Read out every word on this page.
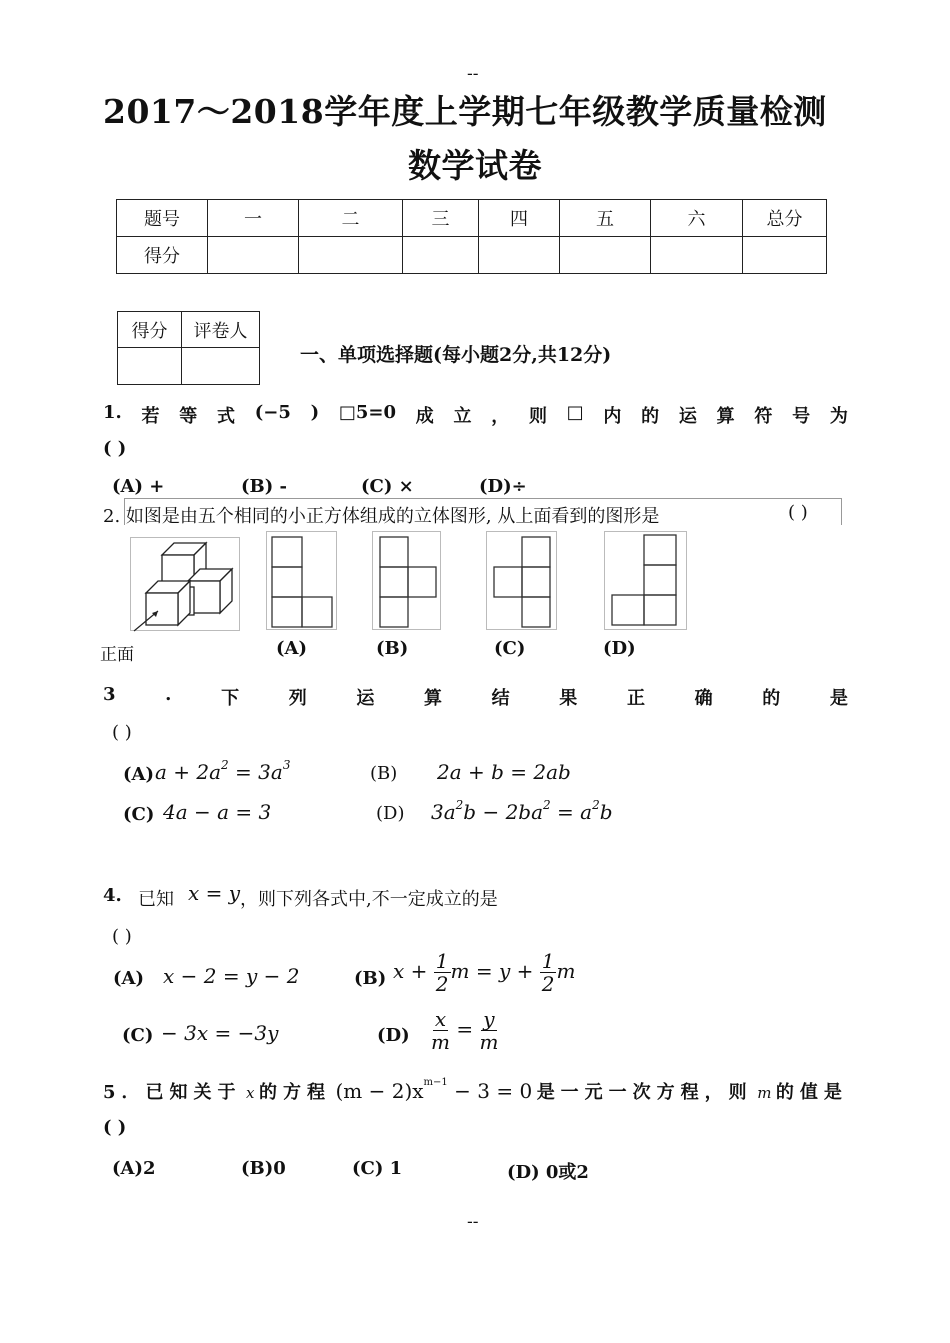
--
--
2017～2018学年度上学期七年级教学质量检测
数学试卷
题号	一	二	三	四	五	六	总分
得分							
得分	评卷人

一、单项选择题(每小题2分,共12分)
1. 若 等 式 (−5 ) □5=0 成 立 ， 则 □ 内 的 运 算 符 号 为
( )
(A) +	(B) -	(C) ×	(D)÷
2. 如图是由五个相同的小正方体组成的立体图形, 从上面看到的图形是	( )
正面	(A)	(B)	(C)	(D)
3	.	下	列	运	算	结	果	正	确	的	是
( )
(A) $a + 2a^2 = 3a^3$	(B) 2a + b = 2ab
(C) 4a − a = 3	(D) $3a^2b - 2ba^2 = a^2b$
4. 已知 x = y ，则下列各式中,不一定成立的是
( )
(A) x − 2 = y − 2	(B) $x + \frac{1}{2}$ $m = y + \frac{1}{2}$ m
(C) − 3x = −3y	$(D) \frac{x}{m} = \frac{y}{m}$
5．已知关于 x 的方程 $(m - 2)x^{m-1} - 3 = 0$ 是一元一次方程，则 m 的值是
( )
(A)2	(B)0	(C) 1	(D) 0或2
